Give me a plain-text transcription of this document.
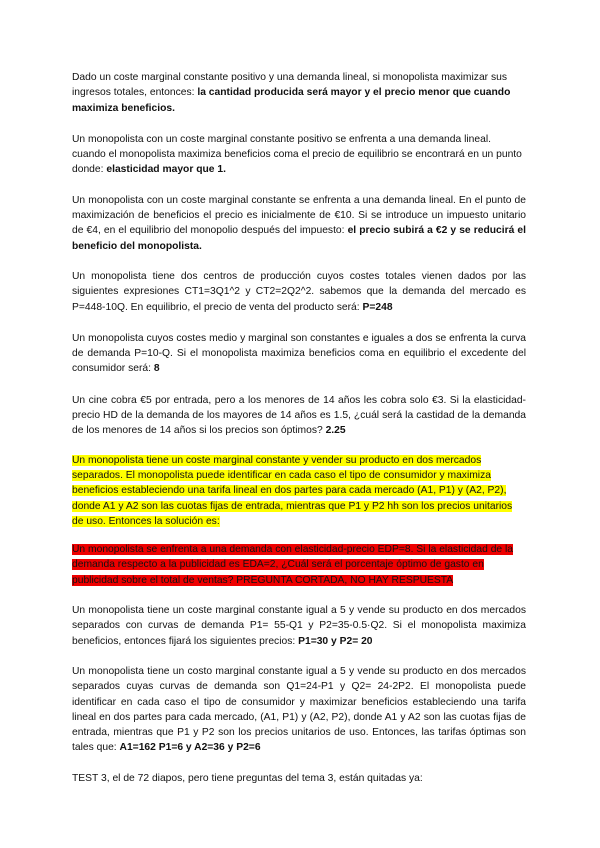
Dado un coste marginal constante positivo y una demanda lineal, si monopolista maximizar sus ingresos totales, entonces: la cantidad producida será mayor y el precio menor que cuando maximiza beneficios.

Un monopolista con un coste marginal constante positivo se enfrenta a una demanda lineal. cuando el monopolista maximiza beneficios coma el precio de equilibrio se encontrará en un punto donde: elasticidad mayor que 1.

Un monopolista con un coste marginal constante se enfrenta a una demanda lineal. En el punto de maximización de beneficios el precio es inicialmente de €10. Si se introduce un impuesto unitario de €4, en el equilibrio del monopolio después del impuesto: el precio subirá a €2 y se reducirá el beneficio del monopolista.

Un monopolista tiene dos centros de producción cuyos costes totales vienen dados por las siguientes expresiones CT1=3Q1^2 y CT2=2Q2^2. sabemos que la demanda del mercado es P=448-10Q. En equilibrio, el precio de venta del producto será: P=248

Un monopolista cuyos costes medio y marginal son constantes e iguales a dos se enfrenta la curva de demanda P=10-Q. Si el monopolista maximiza beneficios coma en equilibrio el excedente del consumidor será: 8

Un cine cobra €5 por entrada, pero a los menores de 14 años les cobra solo €3. Si la elasticidad-precio HD de la demanda de los mayores de 14 años es 1.5, ¿cuál será la castidad de la demanda de los menores de 14 años si los precios son óptimos? 2.25

Un monopolista tiene un coste marginal constante y vender su producto en dos mercados separados. El monopolista puede identificar en cada caso el tipo de consumidor y maximiza beneficios estableciendo una tarifa lineal en dos partes para cada mercado (A1, P1) y (A2, P2), donde A1 y A2 son las cuotas fijas de entrada, mientras que P1 y P2 hh son los precios unitarios de uso. Entonces la solución es:

Un monopolista se enfrenta a una demanda con elasticidad-precio EDP=8. Si la elasticidad de la demanda respecto a la publicidad es EDA=2, ¿Cuál será el porcentaje óptimo de gasto en publicidad sobre el total de ventas? PREGUNTA CORTADA, NO HAY RESPUESTA

Un monopolista tiene un coste marginal constante igual a 5 y vende su producto en dos mercados separados con curvas de demanda P1= 55-Q1 y P2=35-0.5·Q2. Si el monopolista maximiza beneficios, entonces fijará los siguientes precios: P1=30 y P2= 20

Un monopolista tiene un costo marginal constante igual a 5 y vende su producto en dos mercados separados cuyas curvas de demanda son Q1=24-P1 y Q2= 24-2P2. El monopolista puede identificar en cada caso el tipo de consumidor y maximizar beneficios estableciendo una tarifa lineal en dos partes para cada mercado, (A1, P1) y (A2, P2), donde A1 y A2 son las cuotas fijas de entrada, mientras que P1 y P2 son los precios unitarios de uso. Entonces, las tarifas óptimas son tales que: A1=162 P1=6 y A2=36 y P2=6

TEST 3, el de 72 diapos, pero tiene preguntas del tema 3, están quitadas ya:
